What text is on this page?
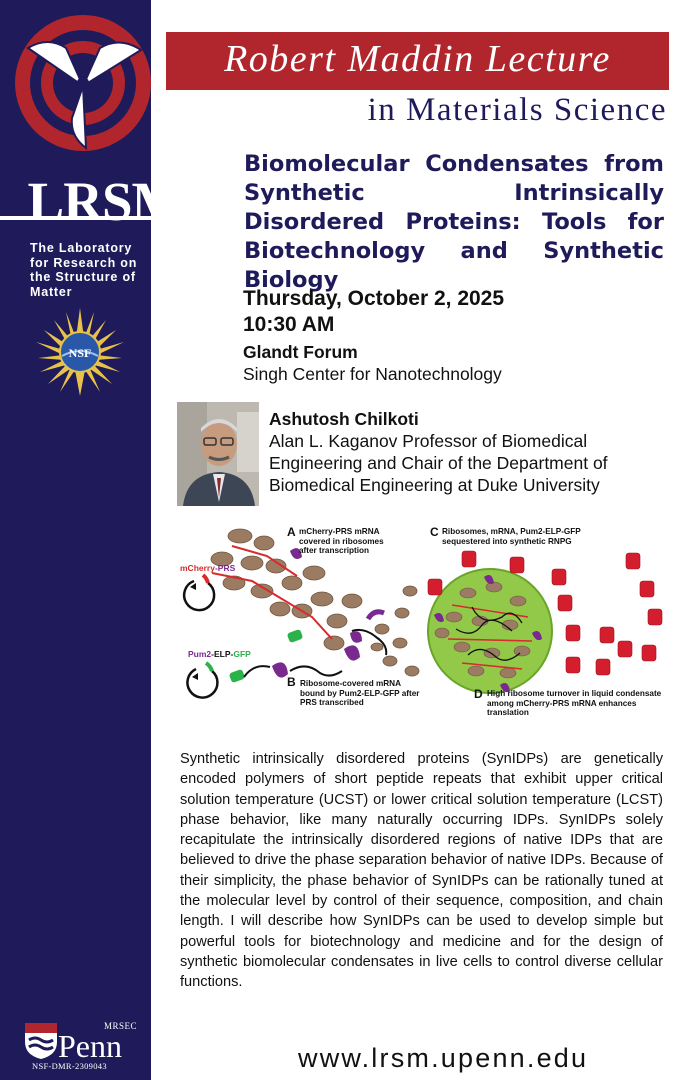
Robert Maddin Lecture
in Materials Science
LRSM
The Laboratory for Research on the Structure of Matter
NSF
Biomolecular Condensates from Synthetic Intrinsically Disordered Proteins: Tools for Biotechnology and Synthetic Biology
Thursday, October 2, 2025
10:30 AM
Glandt Forum
Singh Center for Nanotechnology
Ashutosh Chilkoti
Alan L. Kaganov Professor of Biomedical Engineering and Chair of the Department of Biomedical Engineering at Duke University
mCherry-PRS
Pum2-ELP-GFP
A mCherry-PRS mRNA covered in ribosomes after transcription
C Ribosomes, mRNA, Pum2-ELP-GFP sequestered into synthetic RNPG
B Ribosome-covered mRNA bound by Pum2-ELP-GFP after PRS transcribed
D High ribosome turnover in liquid condensate among mCherry-PRS mRNA enhances translation
Synthetic intrinsically disordered proteins (SynIDPs) are genetically encoded polymers of short peptide repeats that exhibit upper critical solution temperature (UCST) or lower critical solution temperature (LCST) phase behavior, like many naturally occurring IDPs. SynIDPs solely recapitulate the intrinsically disordered regions of native IDPs that are believed to drive the phase separation behavior of native IDPs. Because of their simplicity, the phase behavior of SynIDPs can be rationally tuned at the molecular level by control of their sequence, composition, and chain length. I will describe how SynIDPs can be used to develop simple but powerful tools for biotechnology and medicine and for the design of synthetic biomolecular condensates in live cells to control diverse cellular functions.
MRSEC
Penn
NSF-DMR-2309043	www.lrsm.upenn.edu
